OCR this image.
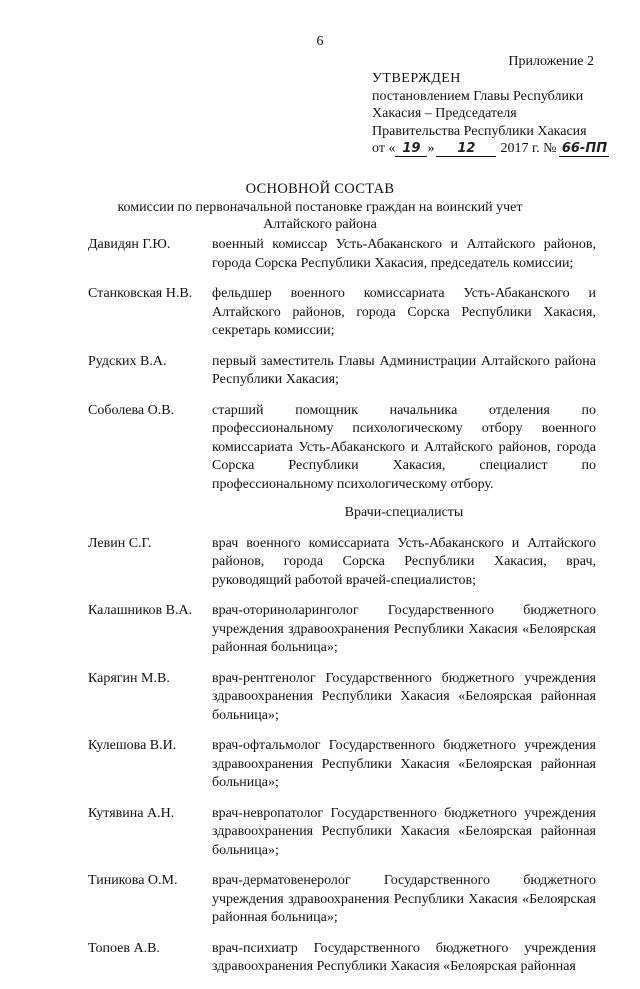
6
Приложение 2
УТВЕРЖДЕН
постановлением Главы Республики
Хакасия – Председателя
Правительства Республики Хакасия
от « 19 »	12	2017 г. № 66-ПП
ОСНОВНОЙ СОСТАВ
комиссии по первоначальной постановке граждан на воинский учет
Алтайского района
Давидян Г.Ю.	военный комиссар Усть-Абаканского и Алтайского районов, города Сорска Республики Хакасия, председатель комиссии;
Станковская Н.В.	фельдшер военного комиссариата Усть-Абаканского и Алтайского районов, города Сорска Республики Хакасия, секретарь комиссии;
Рудских В.А.	первый заместитель Главы Администрации Алтайского района Республики Хакасия;
Соболева О.В.	старший помощник начальника отделения по профессиональному психологическому отбору военного комиссариата Усть-Абаканского и Алтайского районов, города Сорска Республики Хакасия, специалист по профессиональному психологическому отбору.
Врачи-специалисты
Левин С.Г.	врач военного комиссариата Усть-Абаканского и Алтайского районов, города Сорска Республики Хакасия, врач, руководящий работой врачей-специалистов;
Калашников В.А.	врач-оториноларинголог Государственного бюджетного учреждения здравоохранения Республики Хакасия «Белоярская районная больница»;
Карягин М.В.	врач-рентгенолог Государственного бюджетного учреждения здравоохранения Республики Хакасия «Белоярская районная больница»;
Кулешова В.И.	врач-офтальмолог Государственного бюджетного учреждения здравоохранения Республики Хакасия «Белоярская районная больница»;
Кутявина А.Н.	врач-невропатолог Государственного бюджетного учреждения здравоохранения Республики Хакасия «Белоярская районная больница»;
Тиникова О.М.	врач-дерматовенеролог Государственного бюджетного учреждения здравоохранения Республики Хакасия «Белоярская районная больница»;
Топоев А.В.	врач-психиатр Государственного бюджетного учреждения здравоохранения Республики Хакасия «Белоярская районная
